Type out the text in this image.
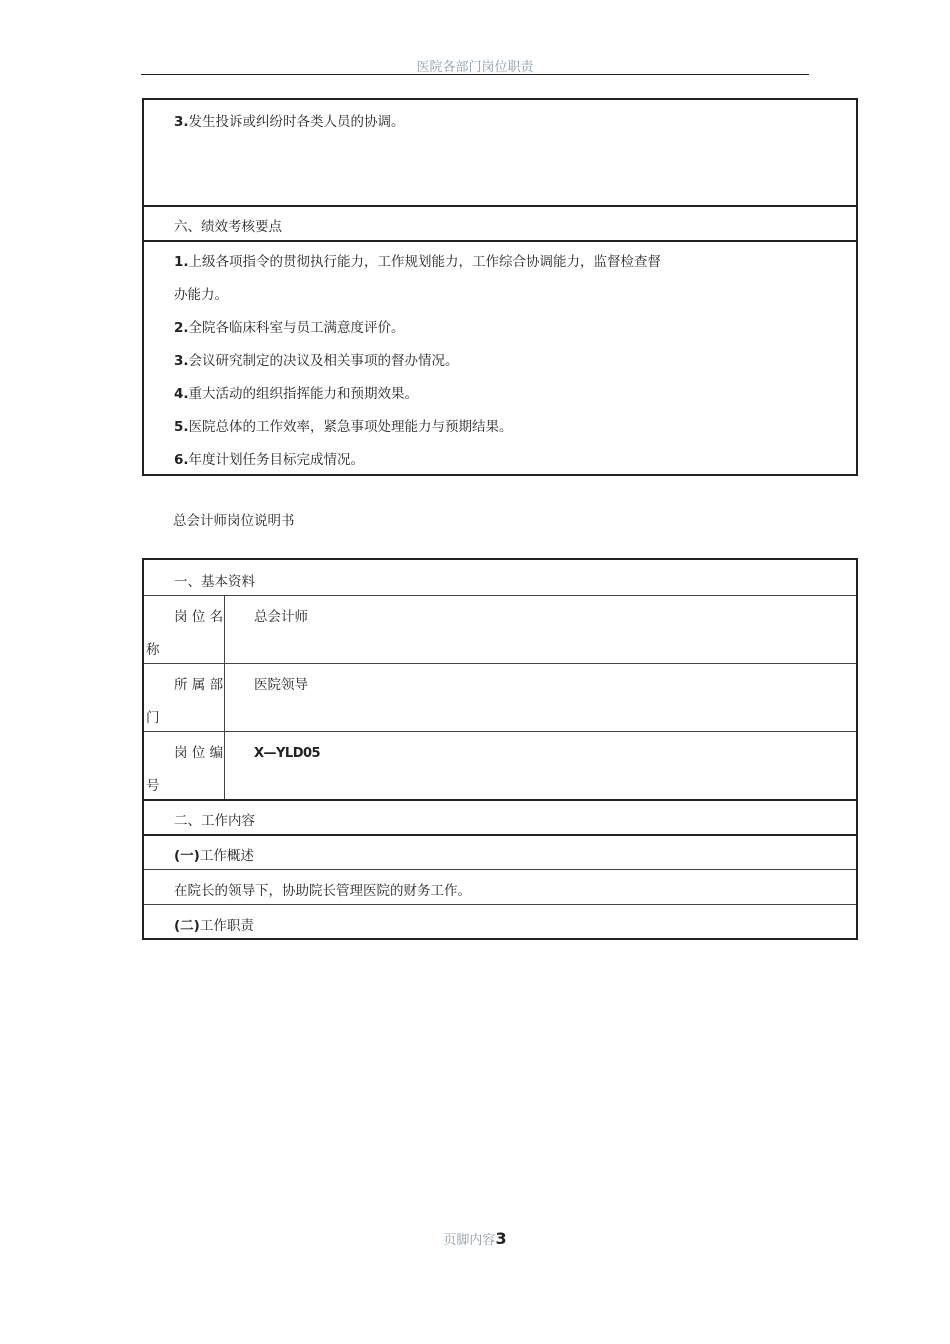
医院各部门岗位职责
3.发生投诉或纠纷时各类人员的协调。
六、绩效考核要点
1.上级各项指令的贯彻执行能力，工作规划能力，工作综合协调能力，监督检查督
办能力。
2.全院各临床科室与员工满意度评价。
3.会议研究制定的决议及相关事项的督办情况。
4.重大活动的组织指挥能力和预期效果。
5.医院总体的工作效率，紧急事项处理能力与预期结果。
6.年度计划任务目标完成情况。
总会计师岗位说明书
一、基本资料
岗 位 名
称
总会计师
所 属 部
门
医院领导
岗 位 编
号
X—YLD05
二、工作内容
(一)工作概述
在院长的领导下，协助院长管理医院的财务工作。
(二)工作职责
页脚内容3
